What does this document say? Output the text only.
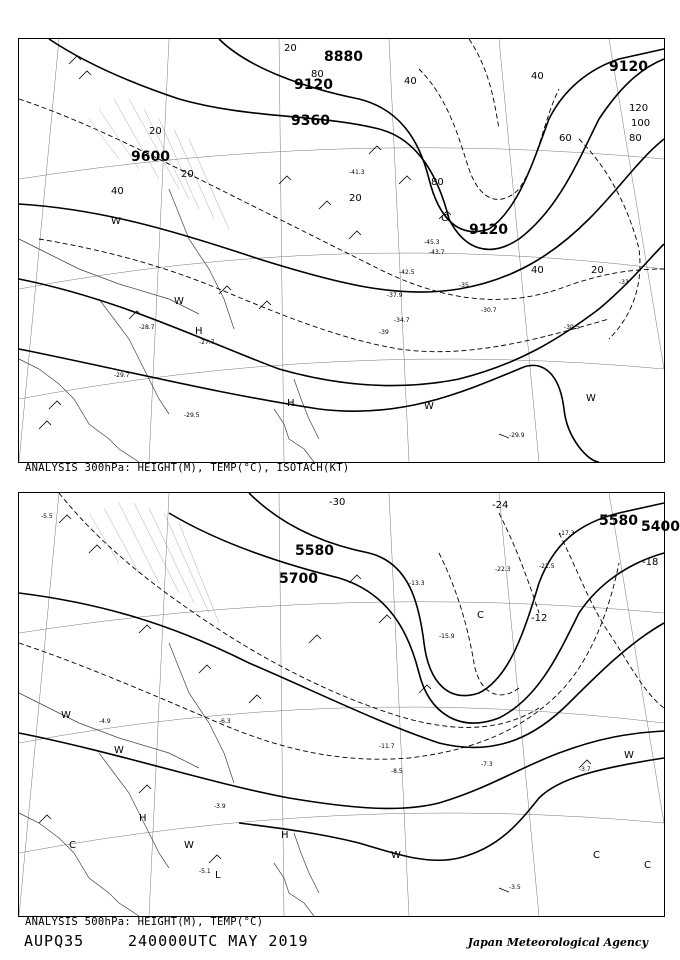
8880
9120
9360
9600
9120
9120
20
40
80
20
40
80
40
60	80
100
120
40	20
20
20
-41.3
-42.5
-43.7
-45.3
-30.7
-34.7
-37.9
-29.7
-30.5
-29.9
-29.5
-27.7
-28.7
-33
-35
-39
H
H	W
W
W
W
C
ANALYSIS 300hPa: HEIGHT(M), TEMP(°C), ISOTACH(KT)
5580
5700
5580 5400
-24
-12
-18
-30
-21.5
-22.3
-17.3
-15.9
-13.3
-11.7
-8.5
-7.3
-5.5
-4.9
-3.9
-3.5
-5.1
-6.3
-3.7
H
H
L
W
W
W
W
W
C
C
C
C
ANALYSIS 500hPa: HEIGHT(M), TEMP(°C)
AUPQ35	240000UTC MAY 2019	Japan Meteorological Agency
